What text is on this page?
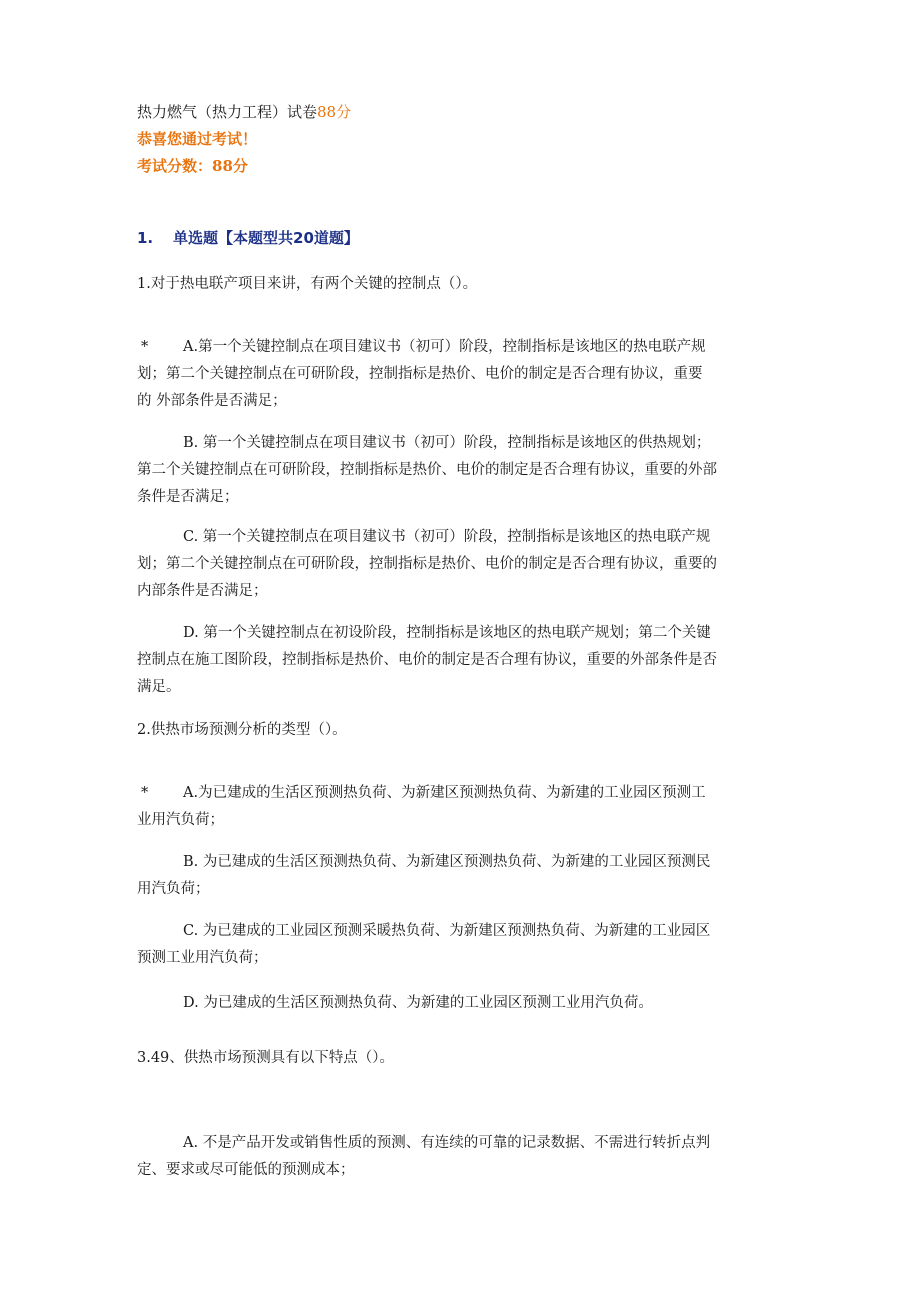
热力燃气（热力工程）试卷88分
恭喜您通过考试！
考试分数：88分
1. 单选题【本题型共20道题】
1.对于热电联产项目来讲，有两个关键的控制点（）。
* A.第一个关键控制点在项目建议书（初可）阶段，控制指标是该地区的热电联产规
划；第二个关键控制点在可研阶段，控制指标是热价、电价的制定是否合理有协议，重要
的 外部条件是否满足；
B. 第一个关键控制点在项目建议书（初可）阶段，控制指标是该地区的供热规划；
第二个关键控制点在可研阶段，控制指标是热价、电价的制定是否合理有协议，重要的外部
条件是否满足；
C. 第一个关键控制点在项目建议书（初可）阶段，控制指标是该地区的热电联产规
划；第二个关键控制点在可研阶段，控制指标是热价、电价的制定是否合理有协议，重要的
内部条件是否满足；
D. 第一个关键控制点在初设阶段，控制指标是该地区的热电联产规划；第二个关键
控制点在施工图阶段，控制指标是热价、电价的制定是否合理有协议，重要的外部条件是否
满足。
2.供热市场预测分析的类型（）。
* A.为已建成的生活区预测热负荷、为新建区预测热负荷、为新建的工业园区预测工
业用汽负荷；
B. 为已建成的生活区预测热负荷、为新建区预测热负荷、为新建的工业园区预测民
用汽负荷；
C. 为已建成的工业园区预测采暖热负荷、为新建区预测热负荷、为新建的工业园区
预测工业用汽负荷；
D. 为已建成的生活区预测热负荷、为新建的工业园区预测工业用汽负荷。
3.49、供热市场预测具有以下特点（）。
A. 不是产品开发或销售性质的预测、有连续的可靠的记录数据、不需进行转折点判
定、要求或尽可能低的预测成本；
